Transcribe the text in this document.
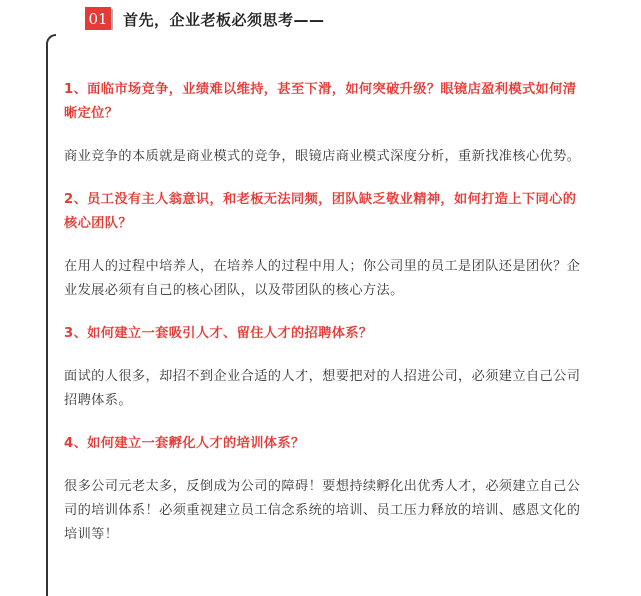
01 首先，企业老板必须思考——

1、面临市场竞争，业绩难以维持，甚至下滑，如何突破升级？眼镜店盈利模式如何清晰定位？

商业竞争的本质就是商业模式的竞争，眼镜店商业模式深度分析，重新找准核心优势。

2、员工没有主人翁意识，和老板无法同频，团队缺乏敬业精神，如何打造上下同心的核心团队？

在用人的过程中培养人，在培养人的过程中用人；你公司里的员工是团队还是团伙？企业发展必须有自己的核心团队，以及带团队的核心方法。

3、如何建立一套吸引人才、留住人才的招聘体系？

面试的人很多，却招不到企业合适的人才，想要把对的人招进公司，必须建立自己公司招聘体系。

4、如何建立一套孵化人才的培训体系？

很多公司元老太多，反倒成为公司的障碍！要想持续孵化出优秀人才，必须建立自己公司的培训体系！必须重视建立员工信念系统的培训、员工压力释放的培训、感恩文化的培训等！
